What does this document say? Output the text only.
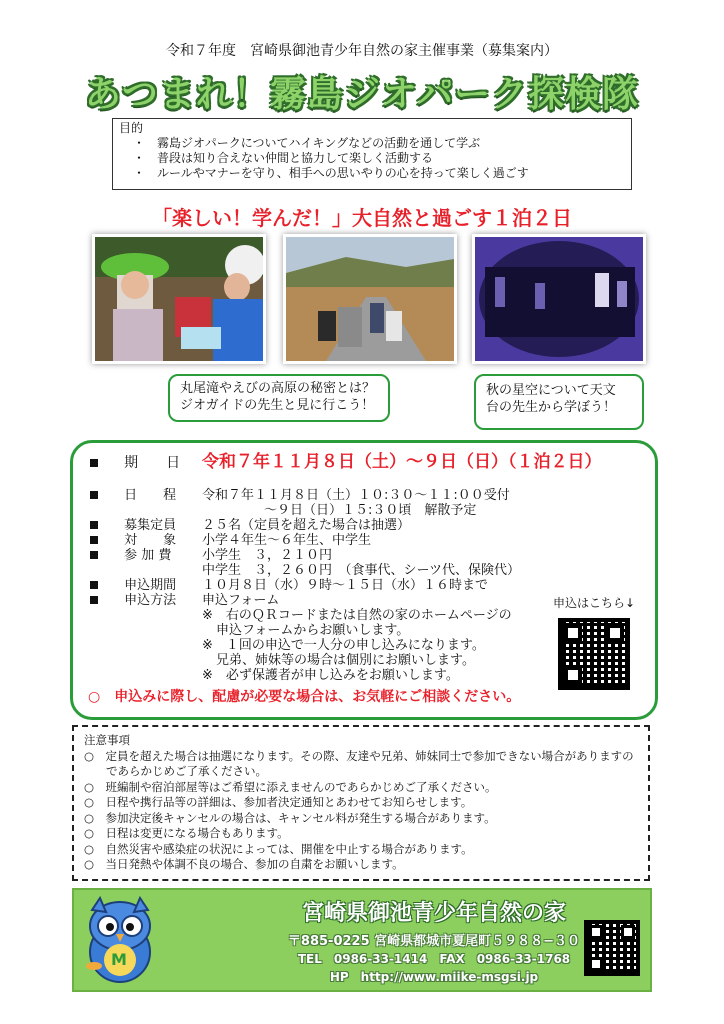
令和７年度　宮崎県御池青少年自然の家主催事業（募集案内）
あつまれ！霧島ジオパーク探検隊
目的
・ 霧島ジオパークについてハイキングなどの活動を通して学ぶ
・ 普段は知り合えない仲間と協力して楽しく活動する
・ ルールやマナーを守り、相手への思いやりの心を持って楽しく過ごす
「楽しい！学んだ！」大自然と過ごす１泊２日
丸尾滝やえびの高原の秘密とは？
ジオガイドの先生と見に行こう！
秋の星空について天文
台の先生から学ぼう！
期　　日	令和７年１１月８日（土）〜９日（日）（１泊２日）
日　　程	令和７年１１月８日（土）１０:３０〜１１:００受付
〜９日（日）１５:３０頃　解散予定
募集定員	２５名（定員を超えた場合は抽選）
対　　象	小学４年生〜６年生、中学生
参 加 費	小学生　３，２１０円
中学生　３，２６０円　（食事代、シーツ代、保険代）
申込期間	１０月８日（水）９時〜１５日（水）１６時まで
申込方法	申込フォーム
※　右のＱＲコードまたは自然の家のホームページの
申込フォームからお願いします。
※　１回の申込で一人分の申し込みになります。
兄弟、姉妹等の場合は個別にお願いします。
※　必ず保護者が申し込みをお願いします。
申込はこちら↓
○　申込みに際し、配慮が必要な場合は、お気軽にご相談ください。
注意事項
○　定員を超えた場合は抽選になります。その際、友達や兄弟、姉妹同士で参加できない場合がありますのであらかじめご了承ください。
○　班編制や宿泊部屋等はご希望に添えませんのであらかじめご了承ください。
○　日程や携行品等の詳細は、参加者決定通知とあわせてお知らせします。
○　参加決定後キャンセルの場合は、キャンセル料が発生する場合があります。
○　日程は変更になる場合もあります。
○　自然災害や感染症の状況によっては、開催を中止する場合があります。
○　当日発熱や体調不良の場合、参加の自粛をお願いします。
M
宮崎県御池青少年自然の家
〒885-0225 宮崎県都城市夏尾町５９８８−３０
TEL　0986-33-1414　FAX　0986-33-1768
HP　http://www.miike-msgsi.jp
